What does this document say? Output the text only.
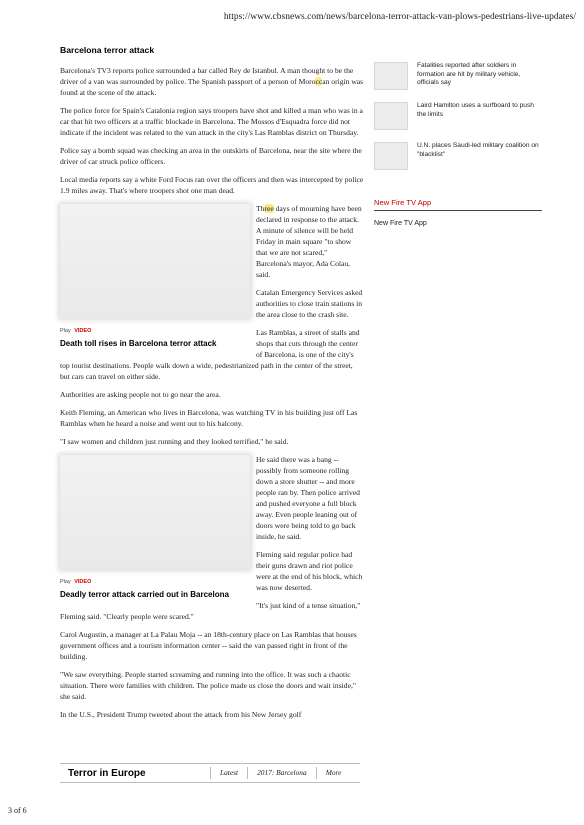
https://www.cbsnews.com/news/barcelona-terror-attack-van-plows-pedestrians-live-updates/
Barcelona terror attack

Barcelona's TV3 reports police surrounded a bar called Rey de Istanbul. A man thought to be the driver of a van was surrounded by police. The Spanish passport of a person of Moroccan origin was found at the scene of the attack.

The police force for Spain's Catalonia region says troopers have shot and killed a man who was in a car that hit two officers at a traffic blockade in Barcelona. The Mossos d'Esquadra force did not indicate if the incident was related to the van attack in the city's Las Ramblas district on Thursday.

Police say a bomb squad was checking an area in the outskirts of Barcelona, near the site where the driver of car struck police officers.

Local media reports say a white Ford Focus ran over the officers and then was intercepted by police 1.9 miles away. That's where troopers shot one man dead.

Play VIDEO
Death toll rises in Barcelona terror attack

Three days of mourning have been declared in response to the attack. A minute of silence will be held Friday in main square "to show that we are not scared," Barcelona's mayor, Ada Colau, said.

Catalan Emergency Services asked authorities to close train stations in the area close to the crash site.

Las Ramblas, a street of stalls and shops that cuts through the center of Barcelona, is one of the city's top tourist destinations. People walk down a wide, pedestrianized path in the center of the street, but cars can travel on either side.

Authorities are asking people not to go near the area.

Keith Fleming, an American who lives in Barcelona, was watching TV in his building just off Las Ramblas when he heard a noise and went out to his balcony.

"I saw women and children just running and they looked terrified," he said.

Play VIDEO
Deadly terror attack carried out in Barcelona

He said there was a bang -- possibly from someone rolling down a store shutter -- and more people ran by. Then police arrived and pushed everyone a full block away. Even people leaning out of doors were being told to go back inside, he said.

Fleming said regular police had their guns drawn and riot police were at the end of his block, which was now deserted.

"It's just kind of a tense situation," Fleming said. "Clearly people were scared."

Carol Augustin, a manager at La Palau Moja -- an 18th-century place on Las Ramblas that houses government offices and a tourism information center -- said the van passed right in front of the building.

"We saw everything. People started screaming and running into the office. It was such a chaotic situation. There were families with children. The police made us close the doors and wait inside," she said.

In the U.S., President Trump tweeted about the attack from his New Jersey golf

Fatalities reported after soldiers in formation are hit by military vehicle, officials say
Laird Hamilton uses a surfboard to push the limits
U.N. places Saudi-led military coalition on "blacklist"
New Fire TV App
New Fire TV App
Terror in Europe	Latest	2017: Barcelona	More
3 of 6
